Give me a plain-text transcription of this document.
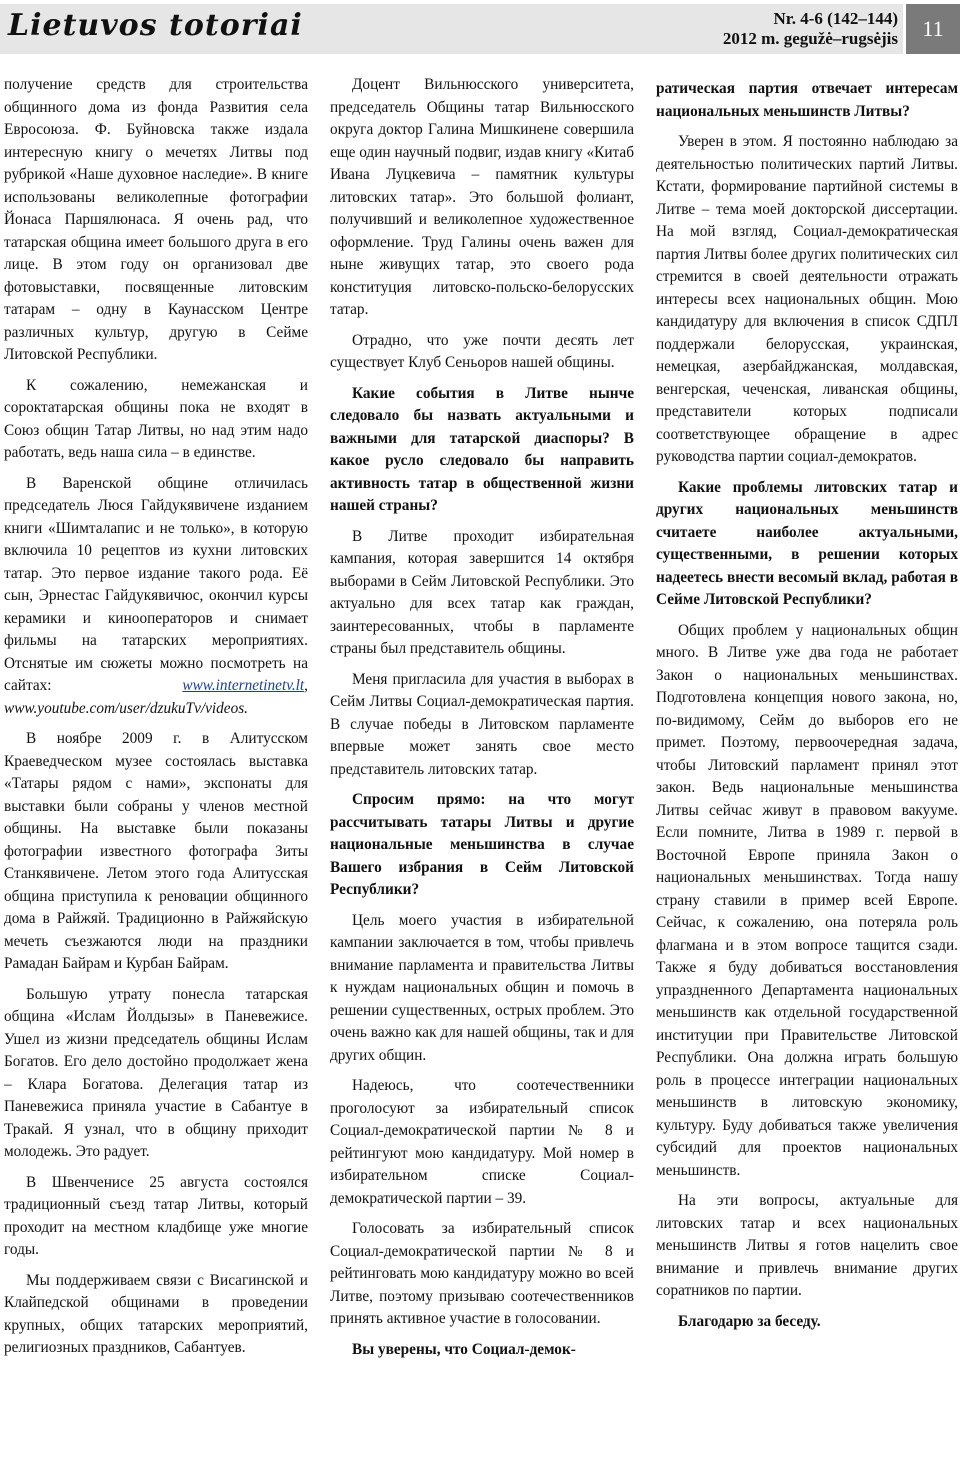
Lietuvos totoriai	Nr. 4-6 (142–144)
2012 m. gegužė–rugsėjis	11

получение средств для строительства общинного дома из фонда Развития села Евросоюза. Ф. Буйновска также издала интересную книгу о мечетях Литвы под рубрикой «Наше духовное наследие». В книге использованы великолепные фотографии Йонаса Паршялюнаса. Я очень рад, что татарская община имеет большого друга в его лице. В этом году он организовал две фотовыставки, посвященные литовским татарам – одну в Каунасском Центре различных культур, другую в Сейме Литовской Республики.

К сожалению, немежанская и сороктатарская общины пока не входят в Союз общин Татар Литвы, но над этим надо работать, ведь наша сила – в единстве.

В Варенской общине отличилась председатель Люся Гайдукявичене изданием книги «Шимталапис и не только», в которую включила 10 рецептов из кухни литовских татар. Это первое издание такого рода. Её сын, Эрнестас Гайдукявичюс, окончил курсы керамики и кинооператоров и снимает фильмы на татарских мероприятиях. Отснятые им сюжеты можно посмотреть на сайтах: www.internetinetv.lt, www.youtube.com/user/dzukuTv/videos.

В ноябре 2009 г. в Алитусском Краеведческом музее состоялась выставка «Татары рядом с нами», экспонаты для выставки были собраны у членов местной общины. На выставке были показаны фотографии известного фотографа Зиты Станкявичене. Летом этого года Алитусская община приступила к реновации общинного дома в Райжяй. Традиционно в Райжяйскую мечеть съезжаются люди на праздники Рамадан Байрам и Курбан Байрам.

Большую утрату понесла татарская община «Ислам Йолдызы» в Паневежисе. Ушел из жизни председатель общины Ислам Богатов. Его дело достойно продолжает жена – Клара Богатова. Делегация татар из Паневежиса приняла участие в Сабантуе в Тракай. Я узнал, что в общину приходит молодежь. Это радует.

В Швенченисе 25 августа состоялся традиционный съезд татар Литвы, который проходит на местном кладбище уже многие годы.

Мы поддерживаем связи с Висагинской и Клайпедской общинами в проведении крупных, общих татарских мероприятий, религиозных праздников, Сабантуев.

Доцент Вильнюсского университета, председатель Общины татар Вильнюсского округа доктор Галина Мишкинене совершила еще один научный подвиг, издав книгу «Китаб Ивана Луцкевича – памятник культуры литовских татар». Это большой фолиант, получивший и великолепное художественное оформление. Труд Галины очень важен для ныне живущих татар, это своего рода конституция литовско-польско-белорусских татар.

Отрадно, что уже почти десять лет существует Клуб Сеньоров нашей общины.

Какие события в Литве нынче следовало бы назвать актуальными и важными для татарской диаспоры? В какое русло следовало бы направить активность татар в общественной жизни нашей страны?

В Литве проходит избирательная кампания, которая завершится 14 октября выборами в Сейм Литовской Республики. Это актуально для всех татар как граждан, заинтересованных, чтобы в парламенте страны был представитель общины.

Меня пригласила для участия в выборах в Сейм Литвы Социал-демократическая партия. В случае победы в Литовском парламенте впервые может занять свое место представитель литовских татар.

Спросим прямо: на что могут рассчитывать татары Литвы и другие национальные меньшинства в случае Вашего избрания в Сейм Литовской Республики?

Цель моего участия в избирательной кампании заключается в том, чтобы привлечь внимание парламента и правительства Литвы к нуждам национальных общин и помочь в решении существенных, острых проблем. Это очень важно как для нашей общины, так и для других общин.

Надеюсь, что соотечественники проголосуют за избирательный список Социал-демократической партии № 8 и рейтингуют мою кандидатуру. Мой номер в избирательном списке Социал-демократической партии – 39.

Голосовать за избирательный список Социал-демократической партии № 8 и рейтинговать мою кандидатуру можно во всей Литве, поэтому призываю соотечественников принять активное участие в голосовании.

Вы уверены, что Социал-демок-

ратическая партия отвечает интересам национальных меньшинств Литвы?

Уверен в этом. Я постоянно наблюдаю за деятельностью политических партий Литвы. Кстати, формирование партийной системы в Литве – тема моей докторской диссертации. На мой взгляд, Социал-демократическая партия Литвы более других политических сил стремится в своей деятельности отражать интересы всех национальных общин. Мою кандидатуру для включения в список СДПЛ поддержали белорусская, украинская, немецкая, азербайджанская, молдавская, венгерская, чеченская, ливанская общины, представители которых подписали соответствующее обращение в адрес руководства партии социал-демократов.

Какие проблемы литовских татар и других национальных меньшинств считаете наиболее актуальными, существенными, в решении которых надеетесь внести весомый вклад, работая в Сейме Литовской Республики?

Общих проблем у национальных общин много. В Литве уже два года не работает Закон о национальных меньшинствах. Подготовлена концепция нового закона, но, по-видимому, Сейм до выборов его не примет. Поэтому, первоочередная задача, чтобы Литовский парламент принял этот закон. Ведь национальные меньшинства Литвы сейчас живут в правовом вакууме. Если помните, Литва в 1989 г. первой в Восточной Европе приняла Закон о национальных меньшинствах. Тогда нашу страну ставили в пример всей Европе. Сейчас, к сожалению, она потеряла роль флагмана и в этом вопросе тащится сзади. Также я буду добиваться восстановления упраздненного Департамента национальных меньшинств как отдельной государственной институции при Правительстве Литовской Республики. Она должна играть большую роль в процессе интеграции национальных меньшинств в литовскую экономику, культуру. Буду добиваться также увеличения субсидий для проектов национальных меньшинств.

На эти вопросы, актуальные для литовских татар и всех национальных меньшинств Литвы я готов нацелить свое внимание и привлечь внимание других соратников по партии.

Благодарю за беседу.
